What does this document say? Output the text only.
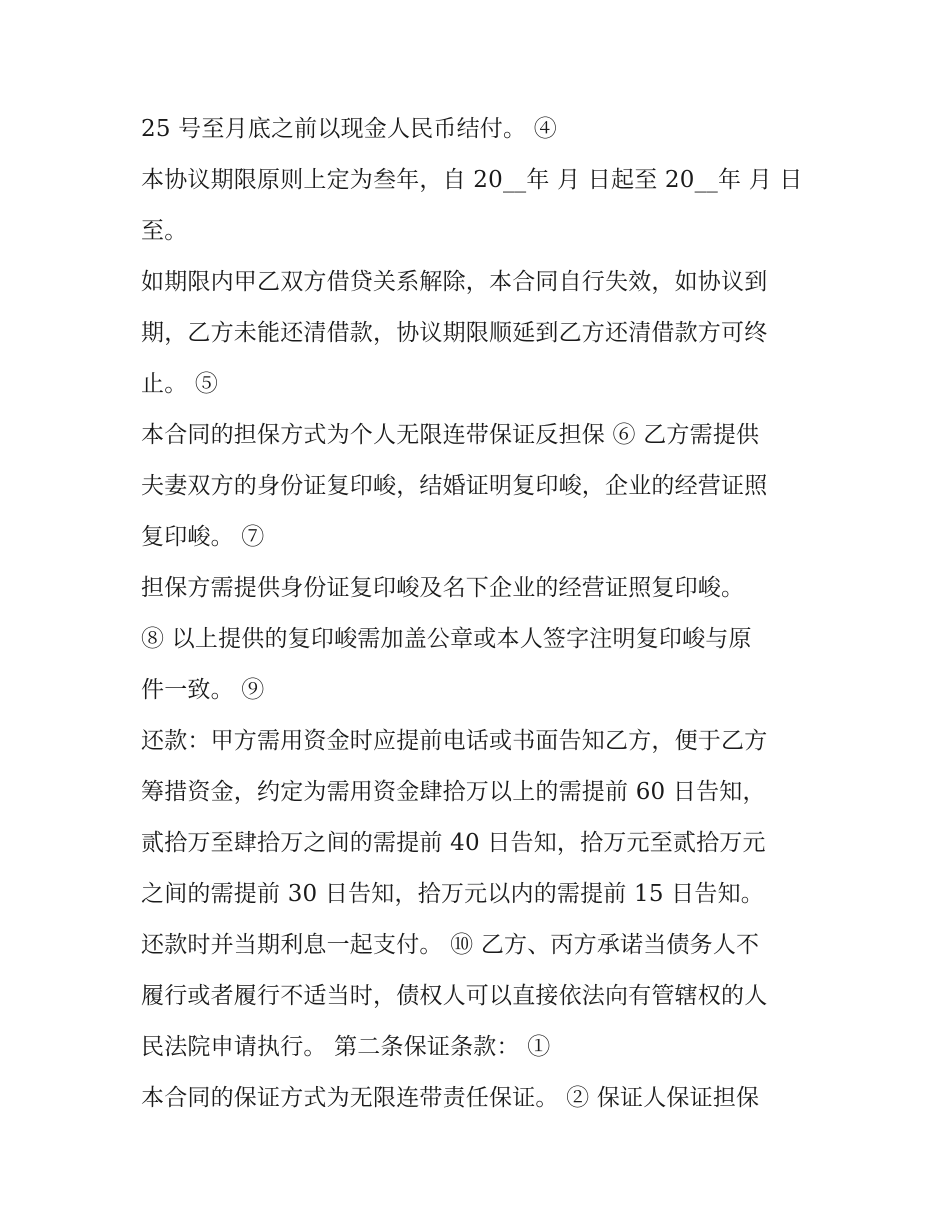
25 号至月底之前以现金人民币结付。 ④
本协议期限原则上定为叁年，自 20__年 月 日起至 20__年 月 日
至。
如期限内甲乙双方借贷关系解除，本合同自行失效，如协议到
期，乙方未能还清借款，协议期限顺延到乙方还清借款方可终
止。 ⑤
本合同的担保方式为个人无限连带保证反担保 ⑥ 乙方需提供
夫妻双方的身份证复印峻，结婚证明复印峻，企业的经营证照
复印峻。 ⑦
担保方需提供身份证复印峻及名下企业的经营证照复印峻。
⑧ 以上提供的复印峻需加盖公章或本人签字注明复印峻与原
件一致。 ⑨
还款：甲方需用资金时应提前电话或书面告知乙方，便于乙方
筹措资金，约定为需用资金肆拾万以上的需提前 60 日告知，
贰拾万至肆拾万之间的需提前 40 日告知，拾万元至贰拾万元
之间的需提前 30 日告知，拾万元以内的需提前 15 日告知。
还款时并当期利息一起支付。 ⑩ 乙方、丙方承诺当债务人不
履行或者履行不适当时，债权人可以直接依法向有管辖权的人
民法院申请执行。 第二条保证条款： ①
本合同的保证方式为无限连带责任保证。 ② 保证人保证担保
